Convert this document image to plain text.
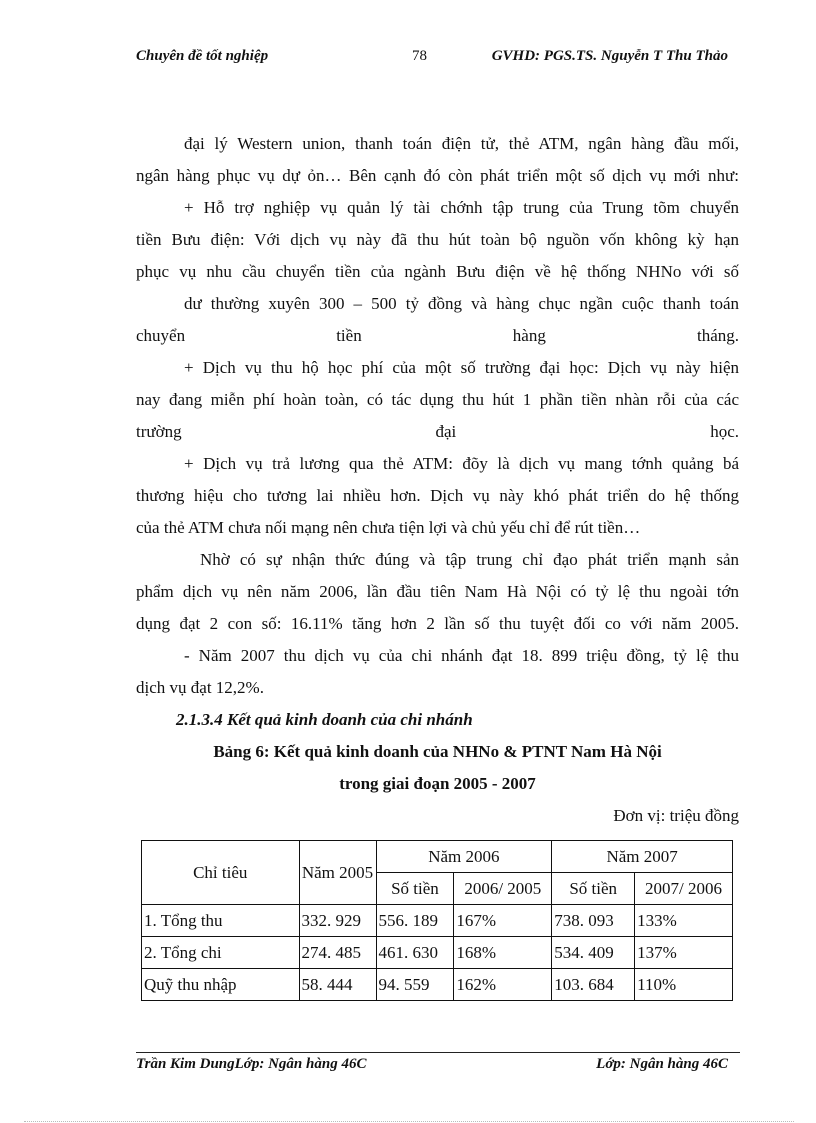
Chuyên đề tốt nghiệp	78	GVHD: PGS.TS. Nguyễn T Thu Thảo

đại lý Western union, thanh toán điện tử, thẻ ATM, ngân hàng đầu mối,

ngân hàng phục vụ dự ỏn… Bên cạnh đó còn phát triển một số dịch vụ mới như:

+ Hỗ trợ nghiệp vụ quản lý tài chớnh tập trung của Trung tõm chuyển

tiền Bưu điện: Với dịch vụ này đã thu hút toàn bộ nguồn vốn không kỳ hạn

phục vụ nhu cầu chuyển tiền của ngành Bưu điện về hệ thống NHNo với số

dư thường xuyên 300 – 500 tỷ đồng và hàng chục ngần cuộc thanh toán

chuyển tiền hàng tháng.

+ Dịch vụ thu hộ học phí của một số trường đại học: Dịch vụ này hiện

nay đang miễn phí hoàn toàn, có tác dụng thu hút 1 phần tiền nhàn rỗi của các

trường đại học.

+ Dịch vụ trả lương qua thẻ ATM: đõy là dịch vụ mang tớnh quảng bá

thương hiệu cho tương lai nhiều hơn. Dịch vụ này khó phát triển do hệ thống

của thẻ ATM chưa nối mạng nên chưa tiện lợi và chủ yếu chỉ để rút tiền…

Nhờ có sự nhận thức đúng và tập trung chỉ đạo phát triển mạnh sản

phẩm dịch vụ nên năm 2006, lần đầu tiên Nam Hà Nội có tỷ lệ thu ngoài tớn

dụng đạt 2 con số: 16.11% tăng hơn 2 lần số thu tuyệt đối co với năm 2005.

- Năm 2007 thu dịch vụ của chi nhánh đạt 18. 899 triệu đồng, tỷ lệ thu

dịch vụ đạt 12,2%.

2.1.3.4 Kết quả kinh doanh của chi nhánh

Bảng 6: Kết quả kinh doanh của NHNo & PTNT Nam Hà Nội

trong giai đoạn 2005 - 2007

Đơn vị: triệu đồng

Chỉ tiêu	Năm 2005	Năm 2006		Năm 2007	
		Số tiền	2006/ 2005	Số tiền	2007/ 2006
1. Tổng thu	332. 929	556. 189	167%	738. 093	133%
2. Tổng chi	274. 485	461. 630	168%	534. 409	137%
Quỹ thu nhập	58. 444	94. 559	162%	103. 684	110%
Trần Kim DungLớp: Ngân hàng 46C	Lớp: Ngân hàng 46C
